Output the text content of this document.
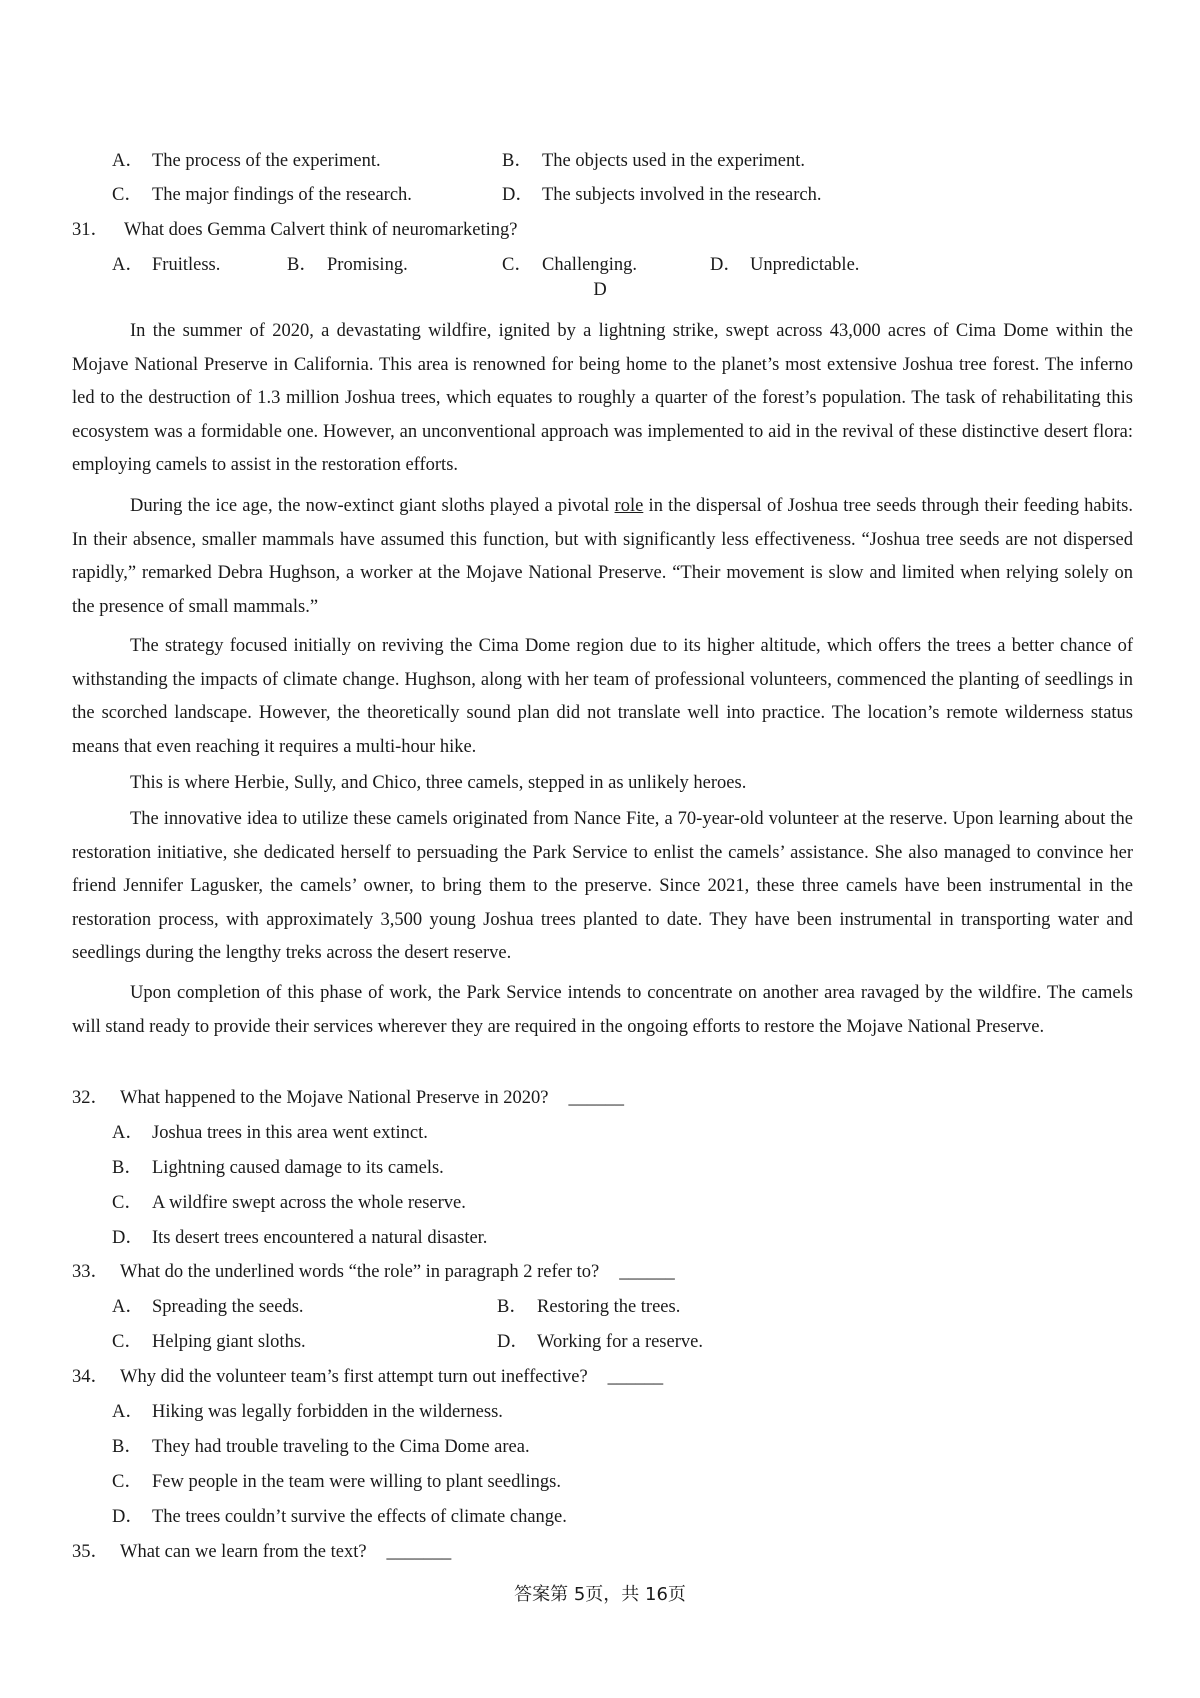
A． The process of the experiment.	B． The objects used in the experiment.
C． The major findings of the research.	D． The subjects involved in the research.
31． What does Gemma Calvert think of neuromarketing?
A． Fruitless.	B． Promising.	C． Challenging.	D． Unpredictable.
D
In the summer of 2020, a devastating wildfire, ignited by a lightning strike, swept across 43,000 acres of Cima Dome within the Mojave National Preserve in California. This area is renowned for being home to the planet’s most extensive Joshua tree forest. The inferno led to the destruction of 1.3 million Joshua trees, which equates to roughly a quarter of the forest’s population. The task of rehabilitating this ecosystem was a formidable one. However, an unconventional approach was implemented to aid in the revival of these distinctive desert flora: employing camels to assist in the restoration efforts.
During the ice age, the now-extinct giant sloths played a pivotal role in the dispersal of Joshua tree seeds through their feeding habits. In their absence, smaller mammals have assumed this function, but with significantly less effectiveness. “Joshua tree seeds are not dispersed rapidly,” remarked Debra Hughson, a worker at the Mojave National Preserve. “Their movement is slow and limited when relying solely on the presence of small mammals.”
The strategy focused initially on reviving the Cima Dome region due to its higher altitude, which offers the trees a better chance of withstanding the impacts of climate change. Hughson, along with her team of professional volunteers, commenced the planting of seedlings in the scorched landscape. However, the theoretically sound plan did not translate well into practice. The location’s remote wilderness status means that even reaching it requires a multi-hour hike.
This is where Herbie, Sully, and Chico, three camels, stepped in as unlikely heroes.
The innovative idea to utilize these camels originated from Nance Fite, a 70-year-old volunteer at the reserve. Upon learning about the restoration initiative, she dedicated herself to persuading the Park Service to enlist the camels’ assistance. She also managed to convince her friend Jennifer Lagusker, the camels’ owner, to bring them to the preserve. Since 2021, these three camels have been instrumental in the restoration process, with approximately 3,500 young Joshua trees planted to date. They have been instrumental in transporting water and seedlings during the lengthy treks across the desert reserve.
Upon completion of this phase of work, the Park Service intends to concentrate on another area ravaged by the wildfire. The camels will stand ready to provide their services wherever they are required in the ongoing efforts to restore the Mojave National Preserve.
32． What happened to the Mojave National Preserve in 2020? ______
A． Joshua trees in this area went extinct.
B． Lightning caused damage to its camels.
C． A wildfire swept across the whole reserve.
D． Its desert trees encountered a natural disaster.
33． What do the underlined words “the role” in paragraph 2 refer to? ______
A． Spreading the seeds.	B． Restoring the trees.
C． Helping giant sloths.	D． Working for a reserve.
34． Why did the volunteer team’s first attempt turn out ineffective? ______
A． Hiking was legally forbidden in the wilderness.
B． They had trouble traveling to the Cima Dome area.
C． Few people in the team were willing to plant seedlings.
D． The trees couldn’t survive the effects of climate change.
35． What can we learn from the text? _______
答案第 5页，共 16页
